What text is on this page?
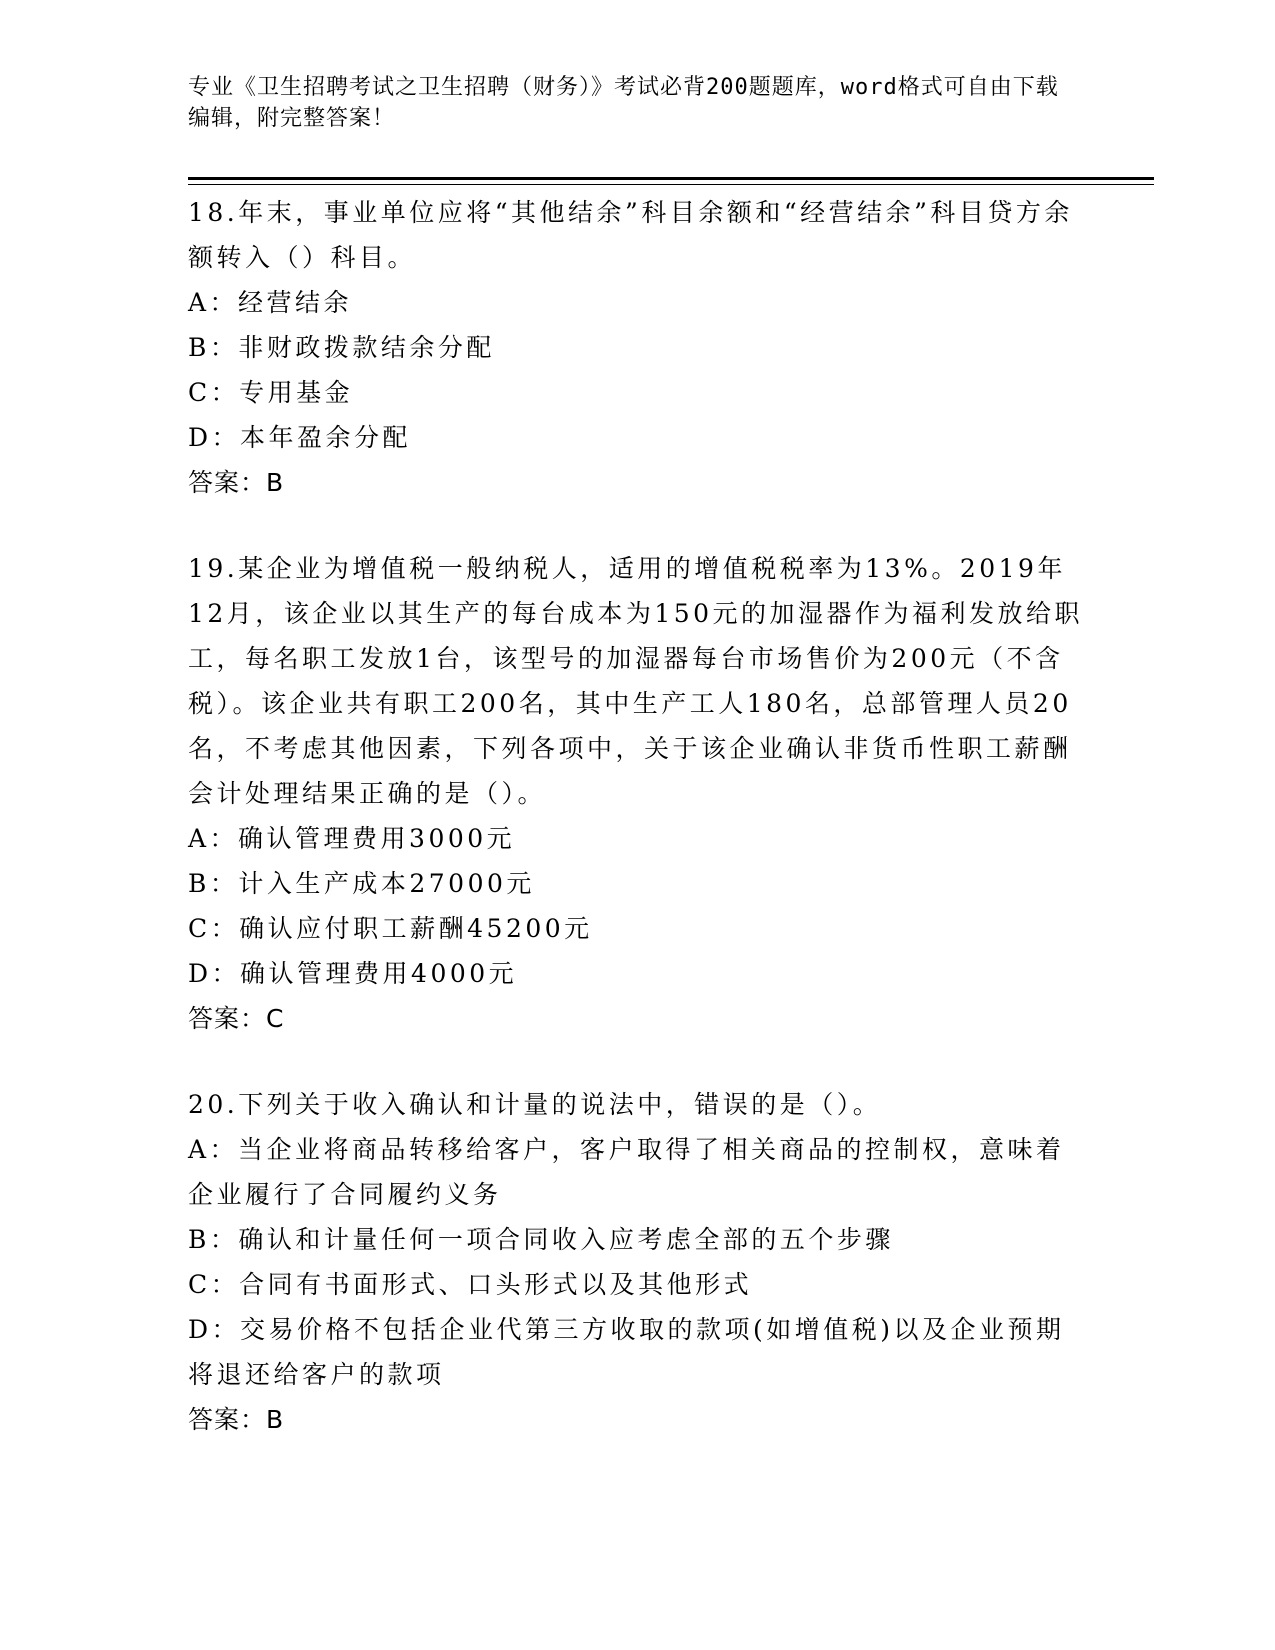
专业《卫生招聘考试之卫生招聘（财务）》考试必背200题题库，word格式可自由下载编辑，附完整答案！

18.年末，事业单位应将“其他结余”科目余额和“经营结余”科目贷方余额转入（）科目。

A：经营结余

B：非财政拨款结余分配

C：专用基金

D：本年盈余分配

答案：B

19.某企业为增值税一般纳税人，适用的增值税税率为13%。2019年12月，该企业以其生产的每台成本为150元的加湿器作为福利发放给职工，每名职工发放1台，该型号的加湿器每台市场售价为200元（不含税）。该企业共有职工200名，其中生产工人180名，总部管理人员20名，不考虑其他因素，下列各项中，关于该企业确认非货币性职工薪酬会计处理结果正确的是（）。

A：确认管理费用3000元

B：计入生产成本27000元

C：确认应付职工薪酬45200元

D：确认管理费用4000元

答案：C

20.下列关于收入确认和计量的说法中，错误的是（）。

A：当企业将商品转移给客户，客户取得了相关商品的控制权，意味着企业履行了合同履约义务

B：确认和计量任何一项合同收入应考虑全部的五个步骤

C：合同有书面形式、口头形式以及其他形式

D：交易价格不包括企业代第三方收取的款项(如增值税)以及企业预期将退还给客户的款项

答案：B
